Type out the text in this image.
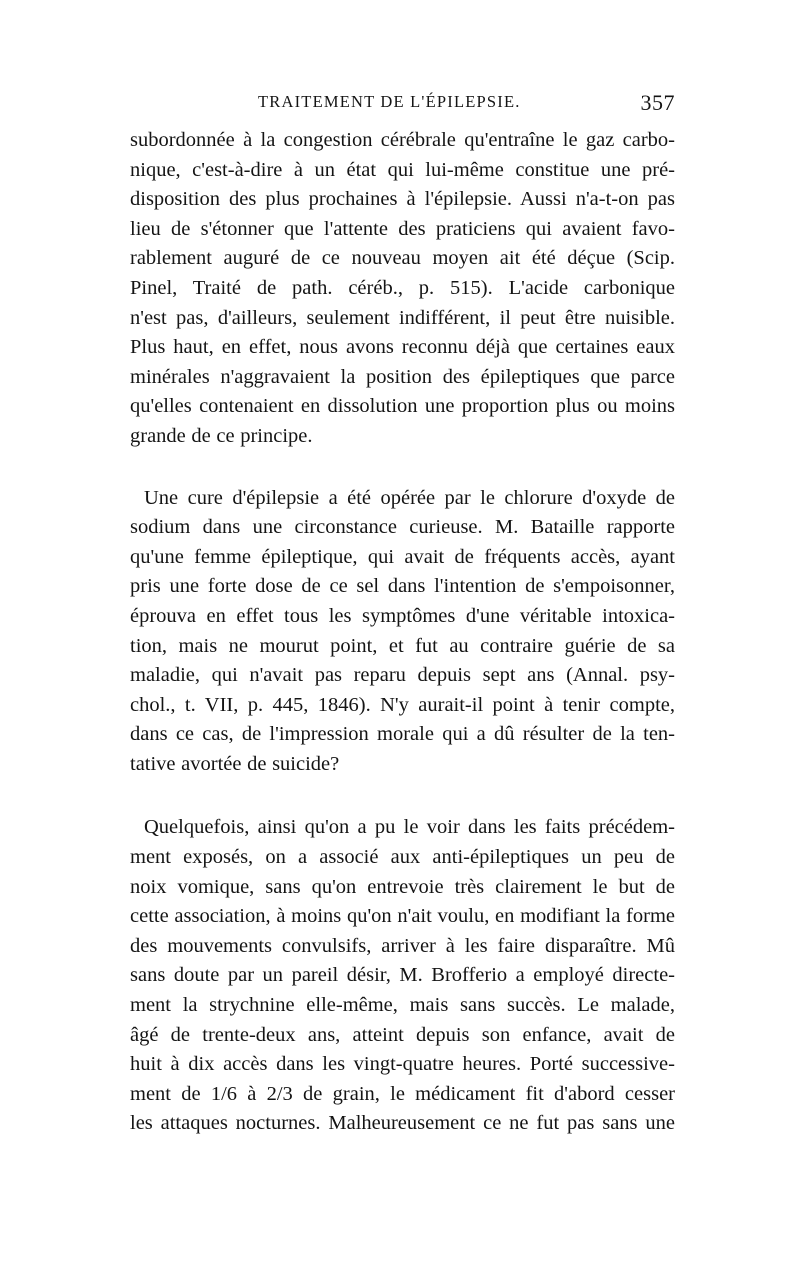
TRAITEMENT DE L'ÉPILEPSIE.	357
subordonnée à la congestion cérébrale qu'entraîne le gaz carbo-
nique, c'est-à-dire à un état qui lui-même constitue une pré-
disposition des plus prochaines à l'épilepsie. Aussi n'a-t-on pas
lieu de s'étonner que l'attente des praticiens qui avaient favo-
rablement auguré de ce nouveau moyen ait été déçue (Scip.
Pinel, Traité de path. céréb., p. 515). L'acide carbonique
n'est pas, d'ailleurs, seulement indifférent, il peut être nuisible.
Plus haut, en effet, nous avons reconnu déjà que certaines eaux
minérales n'aggravaient la position des épileptiques que parce
qu'elles contenaient en dissolution une proportion plus ou moins
grande de ce principe.
Une cure d'épilepsie a été opérée par le chlorure d'oxyde de
sodium dans une circonstance curieuse. M. Bataille rapporte
qu'une femme épileptique, qui avait de fréquents accès, ayant
pris une forte dose de ce sel dans l'intention de s'empoisonner,
éprouva en effet tous les symptômes d'une véritable intoxica-
tion, mais ne mourut point, et fut au contraire guérie de sa
maladie, qui n'avait pas reparu depuis sept ans (Annal. psy-
chol., t. VII, p. 445, 1846). N'y aurait-il point à tenir compte,
dans ce cas, de l'impression morale qui a dû résulter de la ten-
tative avortée de suicide?
Quelquefois, ainsi qu'on a pu le voir dans les faits précédem-
ment exposés, on a associé aux anti-épileptiques un peu de
noix vomique, sans qu'on entrevoie très clairement le but de
cette association, à moins qu'on n'ait voulu, en modifiant la forme
des mouvements convulsifs, arriver à les faire disparaître. Mû
sans doute par un pareil désir, M. Brofferio a employé directe-
ment la strychnine elle-même, mais sans succès. Le malade,
âgé de trente-deux ans, atteint depuis son enfance, avait de
huit à dix accès dans les vingt-quatre heures. Porté successive-
ment de 1/6 à 2/3 de grain, le médicament fit d'abord cesser
les attaques nocturnes. Malheureusement ce ne fut pas sans une
